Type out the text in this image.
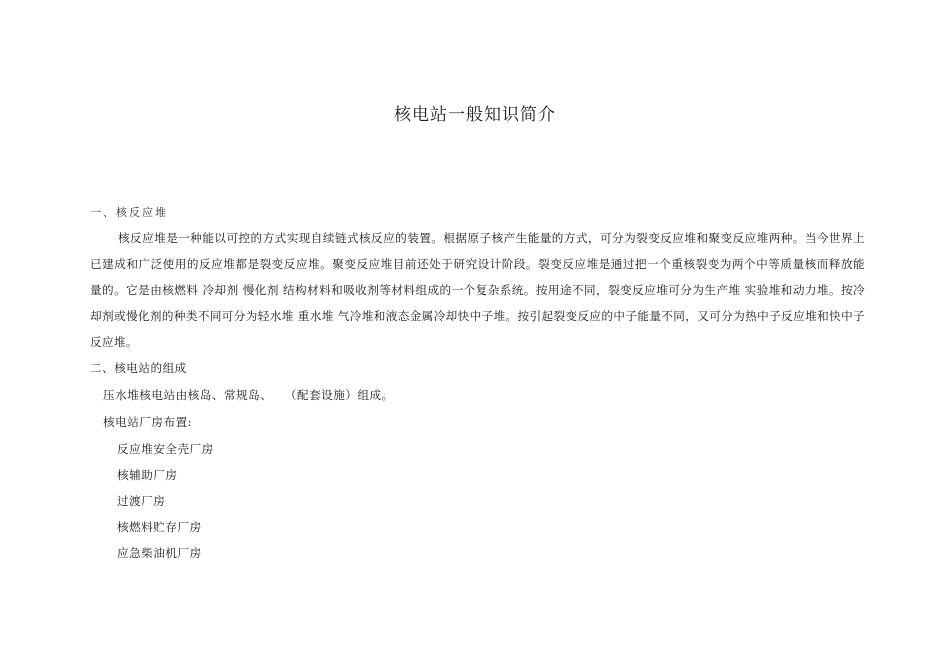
核电站一般知识简介
一、核反应堆

核反应堆是一种能以可控的方式实现自续链式核反应的装置。根据原子核产生能量的方式，可分为裂变反应堆和聚变反应堆两种。当今世界上已建成和广泛使用的反应堆都是裂变反应堆。聚变反应堆目前还处于研究设计阶段。裂变反应堆是通过把一个重核裂变为两个中等质量核而释放能量的。它是由核燃料 冷却剂 慢化剂 结构材料和吸收剂等材料组成的一个复杂系统。按用途不同，裂变反应堆可分为生产堆 实验堆和动力堆。按冷却剂或慢化剂的种类不同可分为轻水堆 重水堆 气冷堆和液态金属冷却快中子堆。按引起裂变反应的中子能量不同，又可分为热中子反应堆和快中子反应堆。

二、核电站的组成
压水堆核电站由核岛、常规岛、　　（配套设施）组成。
核电站厂房布置:
反应堆安全壳厂房
核辅助厂房
过渡厂房
核燃料贮存厂房
应急柴油机厂房
